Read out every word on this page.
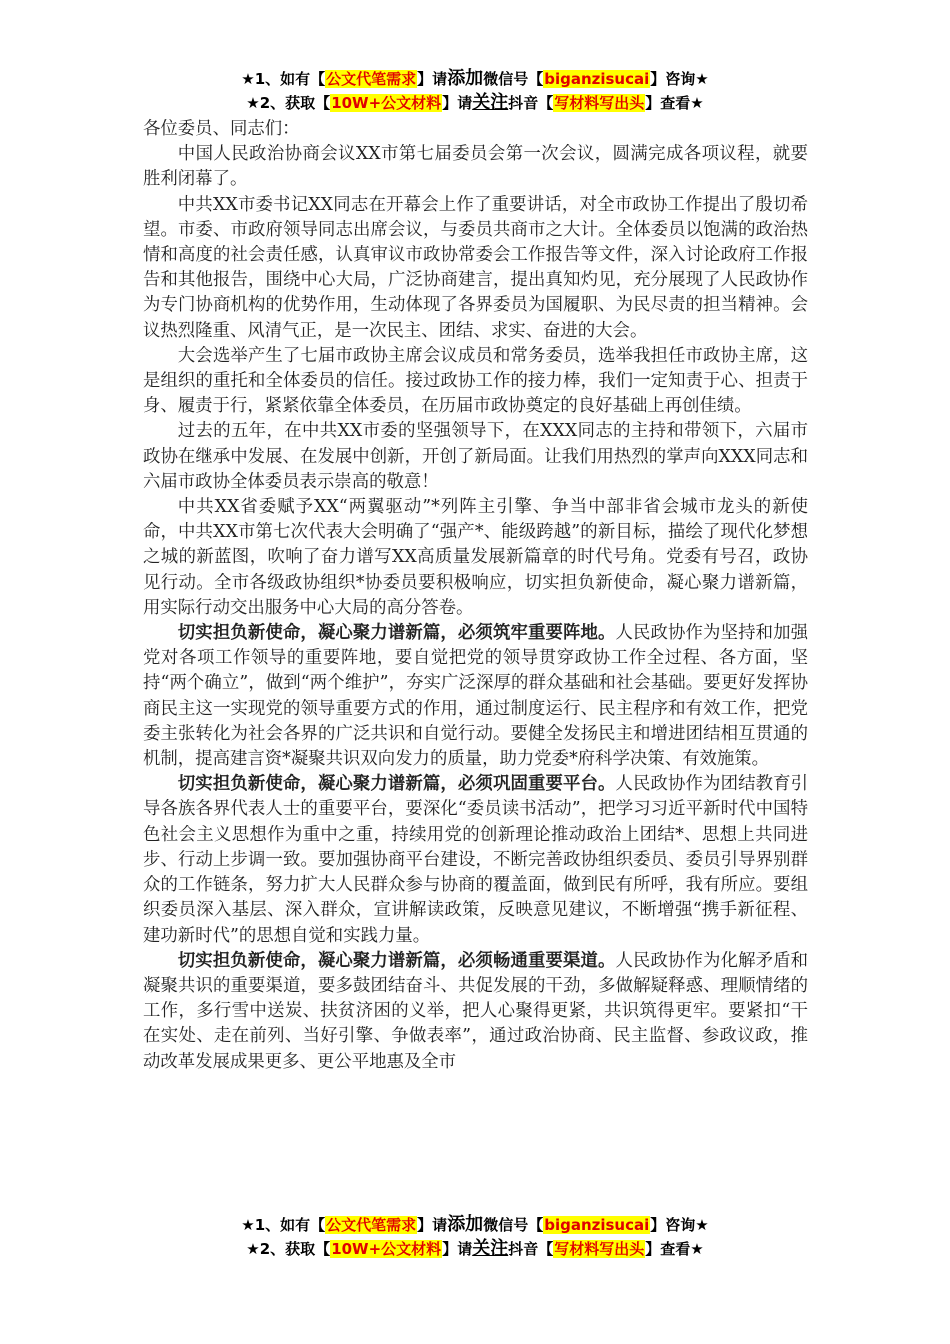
★1、如有【公文代笔需求】请添加微信号【biganzisucai】咨询★
★2、获取【10W+公文材料】请关注抖音【写材料写出头】查看★

各位委员、同志们：

中国人民政治协商会议XX市第七届委员会第一次会议，圆满完成各项议程，就要胜利闭幕了。

中共XX市委书记XX同志在开幕会上作了重要讲话，对全市政协工作提出了殷切希望。市委、市政府领导同志出席会议，与委员共商市之大计。全体委员以饱满的政治热情和高度的社会责任感，认真审议市政协常委会工作报告等文件，深入讨论政府工作报告和其他报告，围绕中心大局，广泛协商建言，提出真知灼见，充分展现了人民政协作为专门协商机构的优势作用，生动体现了各界委员为国履职、为民尽责的担当精神。会议热烈隆重、风清气正，是一次民主、团结、求实、奋进的大会。

大会选举产生了七届市政协主席会议成员和常务委员，选举我担任市政协主席，这是组织的重托和全体委员的信任。接过政协工作的接力棒，我们一定知责于心、担责于身、履责于行，紧紧依靠全体委员，在历届市政协奠定的良好基础上再创佳绩。

过去的五年，在中共XX市委的坚强领导下，在XXX同志的主持和带领下，六届市政协在继承中发展、在发展中创新，开创了新局面。让我们用热烈的掌声向XXX同志和六届市政协全体委员表示崇高的敬意！

中共XX省委赋予XX“两翼驱动”*列阵主引擎、争当中部非省会城市龙头的新使命，中共XX市第七次代表大会明确了“强产*、能级跨越”的新目标，描绘了现代化梦想之城的新蓝图，吹响了奋力谱写XX高质量发展新篇章的时代号角。党委有号召，政协见行动。全市各级政协组织*协委员要积极响应，切实担负新使命，凝心聚力谱新篇，用实际行动交出服务中心大局的高分答卷。

切实担负新使命，凝心聚力谱新篇，必须筑牢重要阵地。人民政协作为坚持和加强党对各项工作领导的重要阵地，要自觉把党的领导贯穿政协工作全过程、各方面，坚持“两个确立”，做到“两个维护”，夯实广泛深厚的群众基础和社会基础。要更好发挥协商民主这一实现党的领导重要方式的作用，通过制度运行、民主程序和有效工作，把党委主张转化为社会各界的广泛共识和自觉行动。要健全发扬民主和增进团结相互贯通的机制，提高建言资*凝聚共识双向发力的质量，助力党委*府科学决策、有效施策。

切实担负新使命，凝心聚力谱新篇，必须巩固重要平台。人民政协作为团结教育引导各族各界代表人士的重要平台，要深化“委员读书活动”，把学习习近平新时代中国特色社会主义思想作为重中之重，持续用党的创新理论推动政治上团结*、思想上共同进步、行动上步调一致。要加强协商平台建设，不断完善政协组织委员、委员引导界别群众的工作链条，努力扩大人民群众参与协商的覆盖面，做到民有所呼，我有所应。要组织委员深入基层、深入群众，宣讲解读政策，反映意见建议，不断增强“携手新征程、建功新时代”的思想自觉和实践力量。

切实担负新使命，凝心聚力谱新篇，必须畅通重要渠道。人民政协作为化解矛盾和凝聚共识的重要渠道，要多鼓团结奋斗、共促发展的干劲，多做解疑释惑、理顺情绪的工作，多行雪中送炭、扶贫济困的义举，把人心聚得更紧，共识筑得更牢。要紧扣“干在实处、走在前列、当好引擎、争做表率”，通过政治协商、民主监督、参政议政，推动改革发展成果更多、更公平地惠及全市

★1、如有【公文代笔需求】请添加微信号【biganzisucai】咨询★
★2、获取【10W+公文材料】请关注抖音【写材料写出头】查看★
